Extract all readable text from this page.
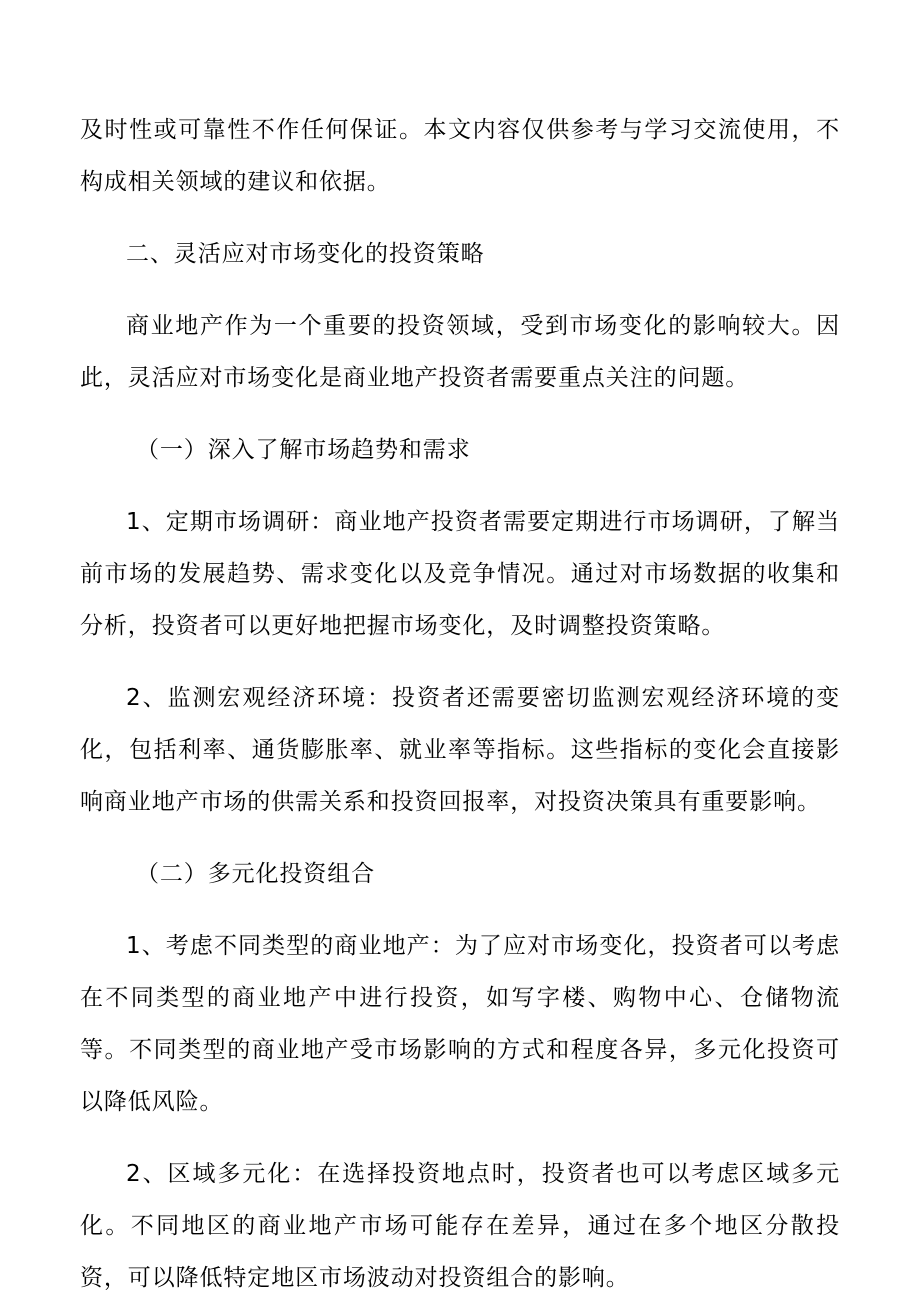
及时性或可靠性不作任何保证。本文内容仅供参考与学习交流使用，不构成相关领域的建议和依据。

二、灵活应对市场变化的投资策略

商业地产作为一个重要的投资领域，受到市场变化的影响较大。因此，灵活应对市场变化是商业地产投资者需要重点关注的问题。

（一）深入了解市场趋势和需求

1、定期市场调研：商业地产投资者需要定期进行市场调研，了解当前市场的发展趋势、需求变化以及竞争情况。通过对市场数据的收集和分析，投资者可以更好地把握市场变化，及时调整投资策略。

2、监测宏观经济环境：投资者还需要密切监测宏观经济环境的变化，包括利率、通货膨胀率、就业率等指标。这些指标的变化会直接影响商业地产市场的供需关系和投资回报率，对投资决策具有重要影响。

（二）多元化投资组合

1、考虑不同类型的商业地产：为了应对市场变化，投资者可以考虑在不同类型的商业地产中进行投资，如写字楼、购物中心、仓储物流等。不同类型的商业地产受市场影响的方式和程度各异，多元化投资可以降低风险。

2、区域多元化：在选择投资地点时，投资者也可以考虑区域多元化。不同地区的商业地产市场可能存在差异，通过在多个地区分散投资，可以降低特定地区市场波动对投资组合的影响。
